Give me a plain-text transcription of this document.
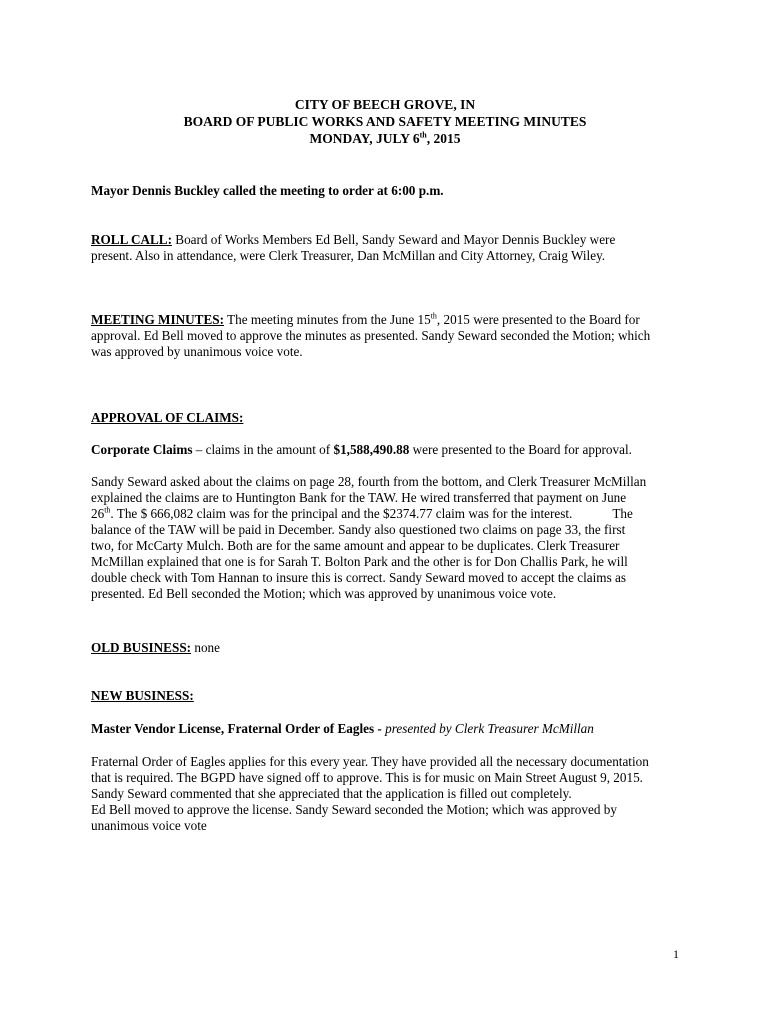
CITY OF BEECH GROVE, IN
BOARD OF PUBLIC WORKS AND SAFETY MEETING MINUTES
MONDAY, JULY 6th, 2015
Mayor Dennis Buckley called the meeting to order at 6:00 p.m.
ROLL CALL: Board of Works Members Ed Bell, Sandy Seward and Mayor Dennis Buckley were
present. Also in attendance, were Clerk Treasurer, Dan McMillan and City Attorney, Craig Wiley.
MEETING MINUTES: The meeting minutes from the June 15th, 2015 were presented to the Board for
approval. Ed Bell moved to approve the minutes as presented. Sandy Seward seconded the Motion; which
was approved by unanimous voice vote.
APPROVAL OF CLAIMS:
Corporate Claims – claims in the amount of $1,588,490.88 were presented to the Board for approval.
Sandy Seward asked about the claims on page 28, fourth from the bottom, and Clerk Treasurer McMillan
explained the claims are to Huntington Bank for the TAW. He wired transferred that payment on June
26th. The $ 666,082 claim was for the principal and the $2374.77 claim was for the interest.	The
balance of the TAW will be paid in December. Sandy also questioned two claims on page 33, the first
two, for McCarty Mulch. Both are for the same amount and appear to be duplicates. Clerk Treasurer
McMillan explained that one is for Sarah T. Bolton Park and the other is for Don Challis Park, he will
double check with Tom Hannan to insure this is correct. Sandy Seward moved to accept the claims as
presented. Ed Bell seconded the Motion; which was approved by unanimous voice vote.
OLD BUSINESS: none
NEW BUSINESS:
Master Vendor License, Fraternal Order of Eagles - presented by Clerk Treasurer McMillan
Fraternal Order of Eagles applies for this every year. They have provided all the necessary documentation
that is required. The BGPD have signed off to approve. This is for music on Main Street August 9, 2015.
Sandy Seward commented that she appreciated that the application is filled out completely.
Ed Bell moved to approve the license. Sandy Seward seconded the Motion; which was approved by
unanimous voice vote
1
